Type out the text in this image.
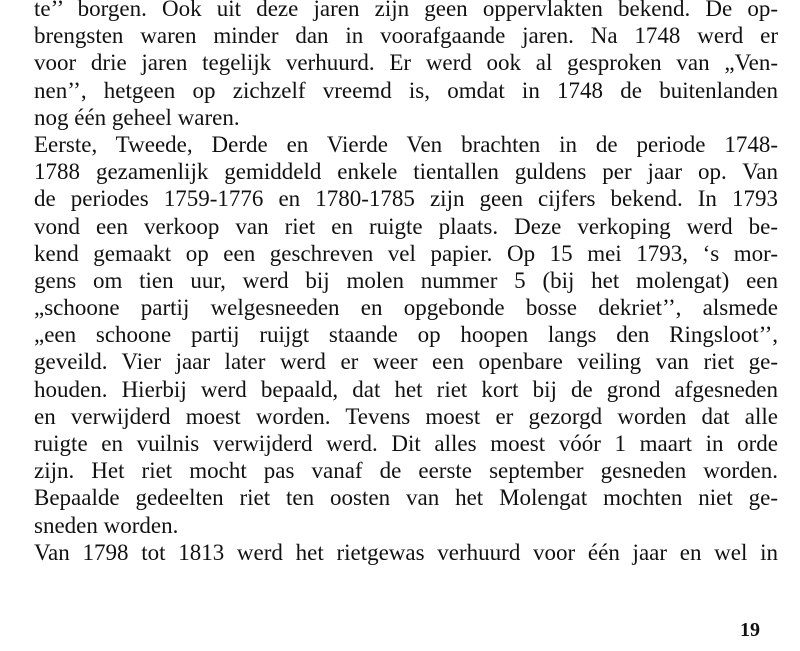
te’’ borgen. Ook uit deze jaren zijn geen oppervlakten bekend. De op-
brengsten waren minder dan in voorafgaande jaren. Na 1748 werd er
voor drie jaren tegelijk verhuurd. Er werd ook al gesproken van „Ven-
nen’’, hetgeen op zichzelf vreemd is, omdat in 1748 de buitenlanden
nog één geheel waren.
Eerste, Tweede, Derde en Vierde Ven brachten in de periode 1748-
1788 gezamenlijk gemiddeld enkele tientallen guldens per jaar op. Van
de periodes 1759-1776 en 1780-1785 zijn geen cijfers bekend. In 1793
vond een verkoop van riet en ruigte plaats. Deze verkoping werd be-
kend gemaakt op een geschreven vel papier. Op 15 mei 1793, ‘s mor-
gens om tien uur, werd bij molen nummer 5 (bij het molengat) een
„schoone partij welgesneeden en opgebonde bosse dekriet’’, alsmede
„een schoone partij ruijgt staande op hoopen langs den Ringsloot’’,
geveild. Vier jaar later werd er weer een openbare veiling van riet ge-
houden. Hierbij werd bepaald, dat het riet kort bij de grond afgesneden
en verwijderd moest worden. Tevens moest er gezorgd worden dat alle
ruigte en vuilnis verwijderd werd. Dit alles moest vóór 1 maart in orde
zijn. Het riet mocht pas vanaf de eerste september gesneden worden.
Bepaalde gedeelten riet ten oosten van het Molengat mochten niet ge-
sneden worden.
Van 1798 tot 1813 werd het rietgewas verhuurd voor één jaar en wel in
19
